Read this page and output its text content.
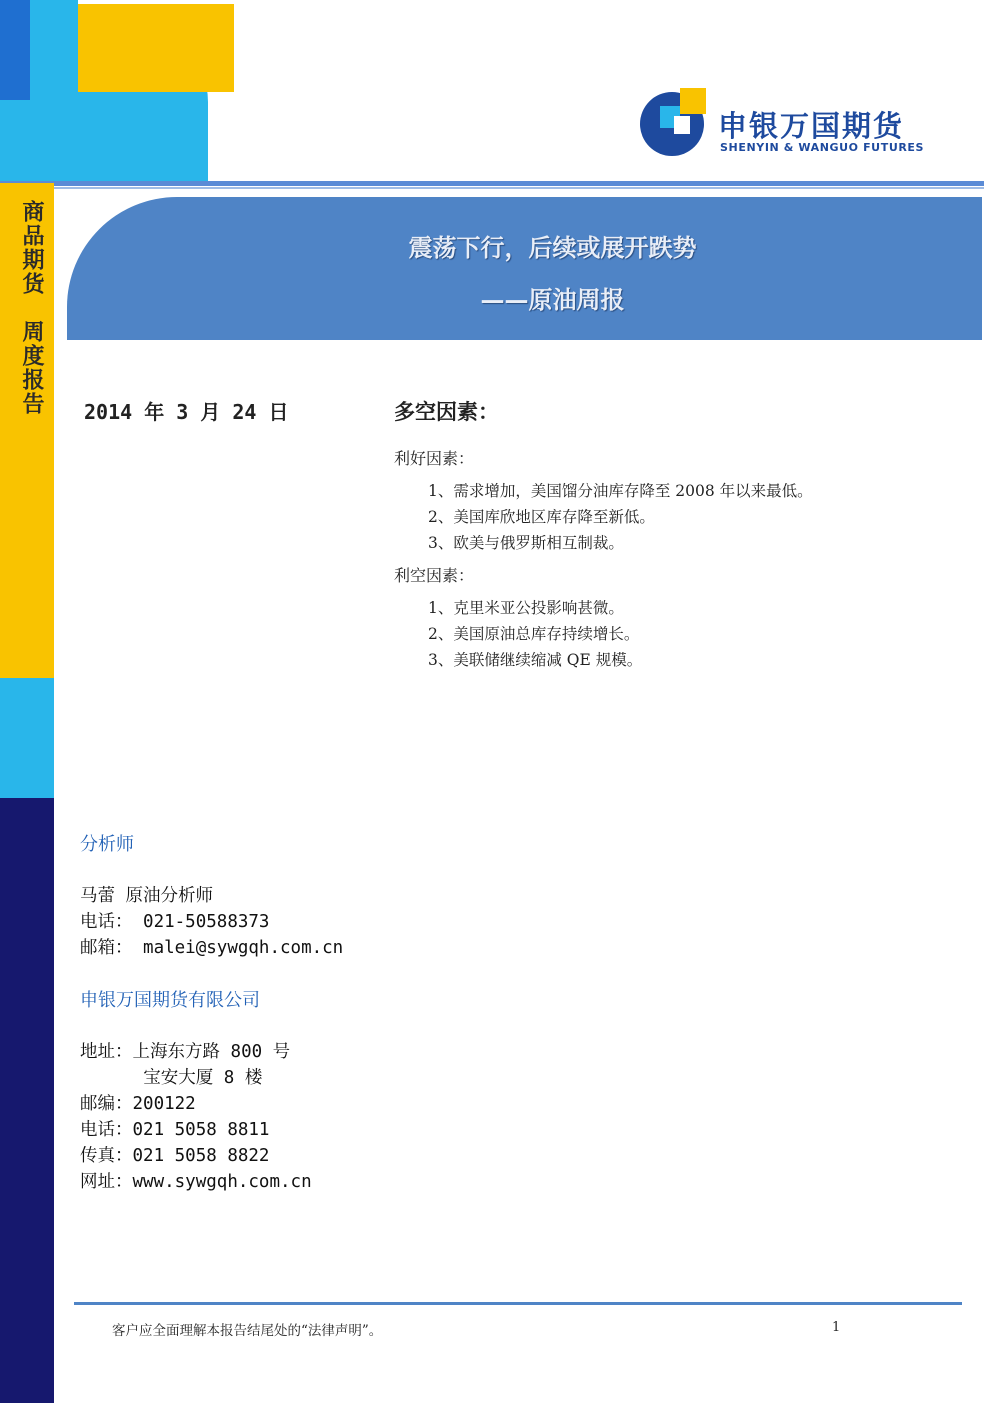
申银万国期货
SHENYIN & WANGUO FUTURES
商品期货　周度报告	震荡下行，后续或展开跌势
——原油周报
2014 年 3 月 24 日	多空因素：
利好因素：
1、需求增加，美国馏分油库存降至 2008 年以来最低。
2、美国库欣地区库存降至新低。
3、欧美与俄罗斯相互制裁。
利空因素：
1、克里米亚公投影响甚微。
2、美国原油总库存持续增长。
3、美联储继续缩减 QE 规模。
分析师
马蕾 原油分析师
电话： 021-50588373
邮箱： malei@sywgqh.com.cn
申银万国期货有限公司
地址：上海东方路 800 号
宝安大厦 8 楼
邮编：200122
电话：021 5058 8811
传真：021 5058 8822
网址：www.sywgqh.com.cn
客户应全面理解本报告结尾处的“法律声明”。	1
